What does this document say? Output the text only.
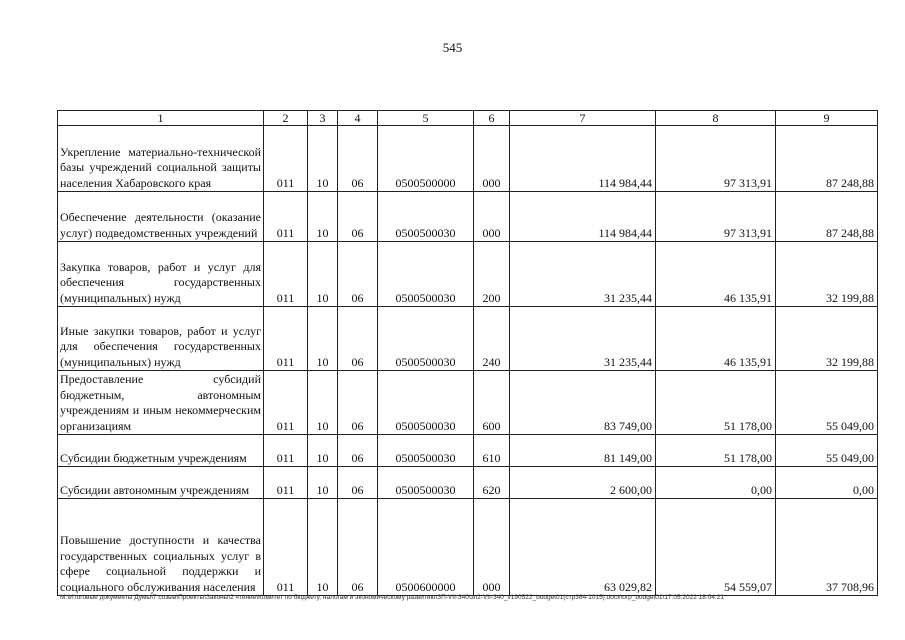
545
1	2	3	4	5	6	7	8	9
Укрепление материально-технической базы учреждений социальной защиты населения Хабаровского края	011	10	06	0500500000	000	114 984,44	97 313,91	87 248,88
Обеспечение деятельности (оказание услуг) подведомственных учреждений	011	10	06	0500500030	000	114 984,44	97 313,91	87 248,88
Закупка товаров, работ и услуг для обеспечения государственных (муниципальных) нужд	011	10	06	0500500030	200	31 235,44	46 135,91	32 199,88
Иные закупки товаров, работ и услуг для обеспечения государственных (муниципальных) нужд	011	10	06	0500500030	240	31 235,44	46 135,91	32 199,88
Предоставление субсидий бюджетным, автономным учреждениям и иным некоммерческим организациям	011	10	06	0500500030	600	83 749,00	51 178,00	55 049,00
Субсидии бюджетным учреждениям	011	10	06	0500500030	610	81 149,00	51 178,00	55 049,00
Субсидии автономным учреждениям	011	10	06	0500500030	620	2 600,00	0,00	0,00
Повышение доступности и качества государственных социальных услуг в сфере социальной поддержки и социального обслуживания населения	011	10	06	0500600000	000	63 029,82	54 559,07	37 708,96
M:\Итоговые документы Думы\7 созыв\Проекты\Законы\2 чтение\Комитет по бюджету, налогам и экономическому развитию\ЗП-VII-340\зп2-VII-340_v190522_budget01(стр384-1015).docx\огр_budget01\17.05.2022 18:04:21
